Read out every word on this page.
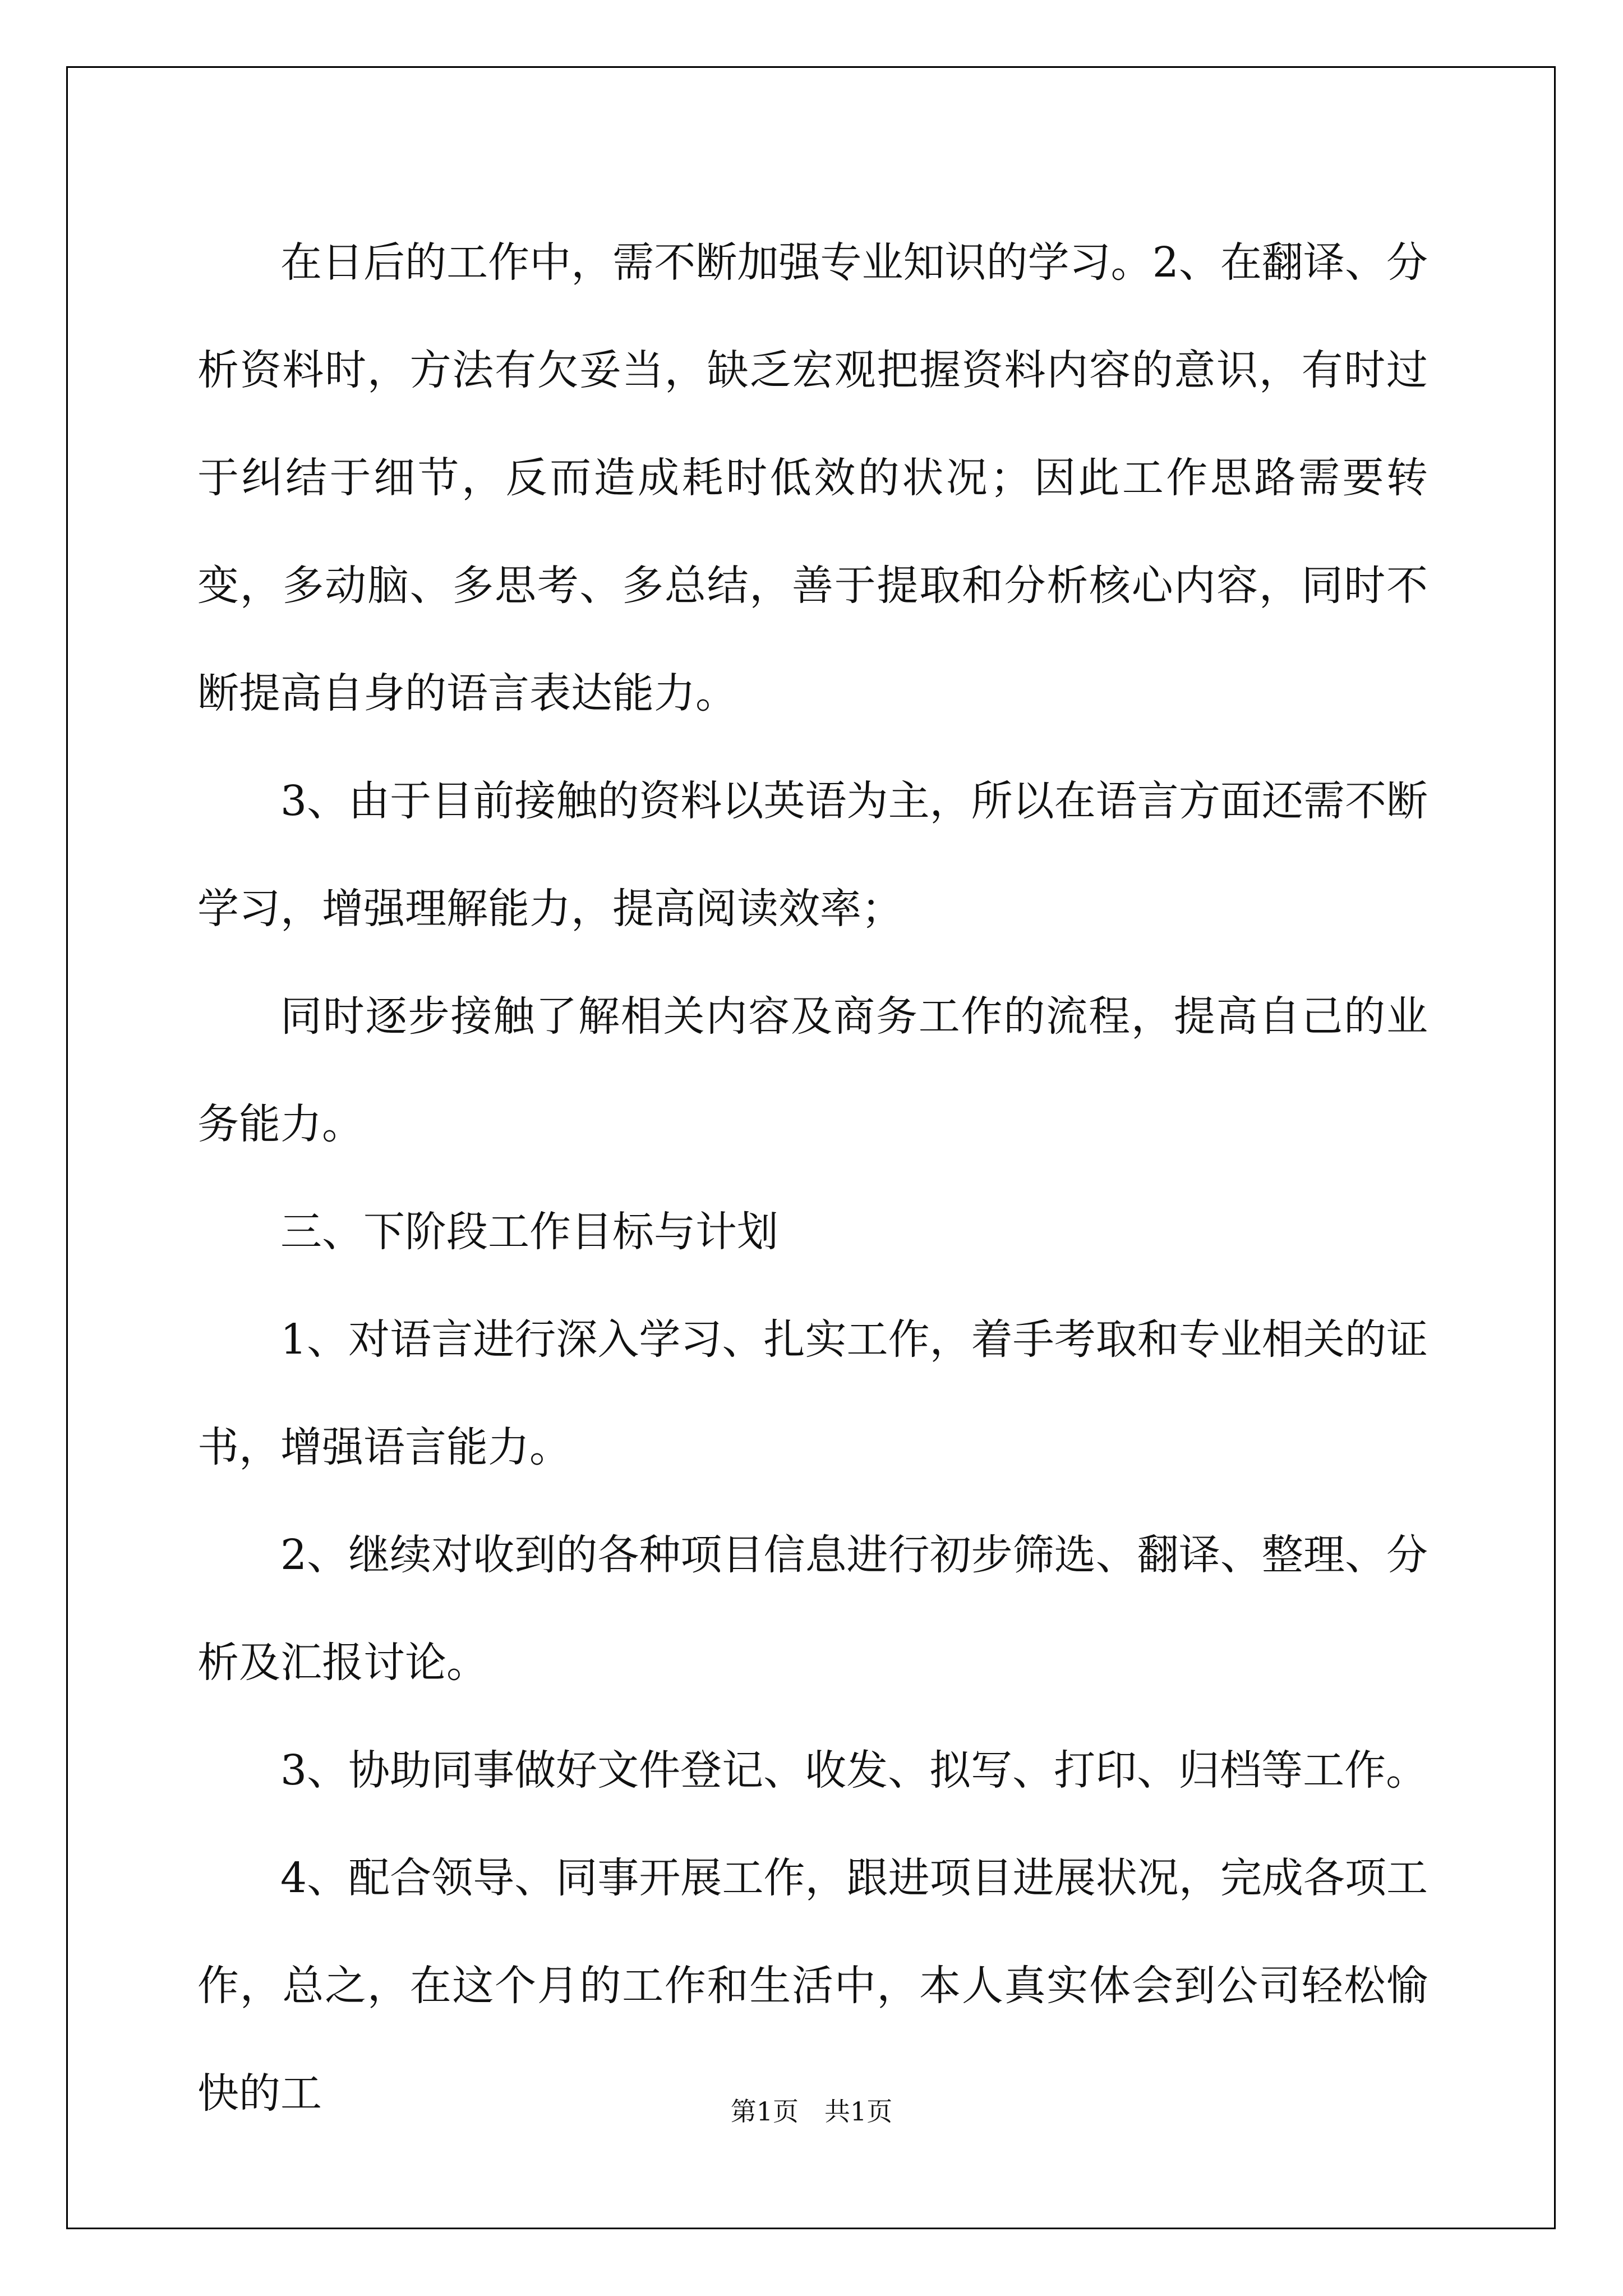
在日后的工作中，需不断加强专业知识的学习。2、在翻译、分析资料时，方法有欠妥当，缺乏宏观把握资料内容的意识，有时过于纠结于细节，反而造成耗时低效的状况；因此工作思路需要转变，多动脑、多思考、多总结，善于提取和分析核心内容，同时不断提高自身的语言表达能力。

3、由于目前接触的资料以英语为主，所以在语言方面还需不断学习，增强理解能力，提高阅读效率；

同时逐步接触了解相关内容及商务工作的流程，提高自己的业务能力。

三、下阶段工作目标与计划

1、对语言进行深入学习、扎实工作，着手考取和专业相关的证书，增强语言能力。

2、继续对收到的各种项目信息进行初步筛选、翻译、整理、分析及汇报讨论。

3、协助同事做好文件登记、收发、拟写、打印、归档等工作。

4、配合领导、同事开展工作，跟进项目进展状况，完成各项工作，总之，在这个月的工作和生活中，本人真实体会到公司轻松愉快的工	第1页　共1页
